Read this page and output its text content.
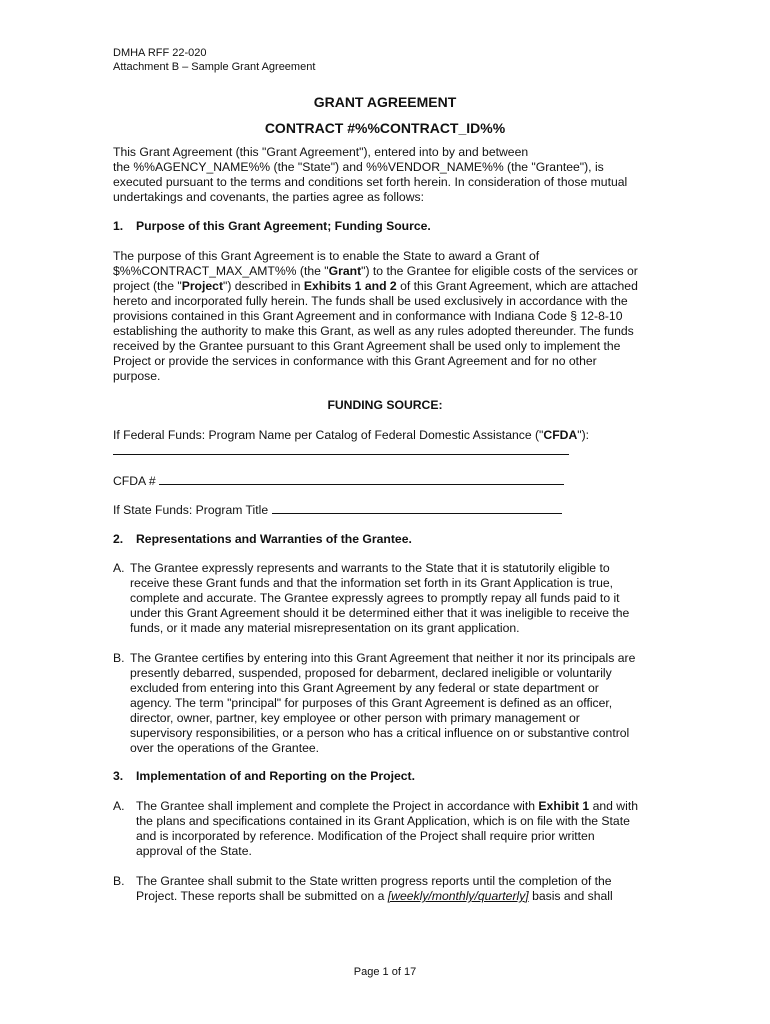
DMHA RFF 22-020
Attachment B – Sample Grant Agreement
GRANT AGREEMENT
CONTRACT #%%CONTRACT_ID%%
This Grant Agreement (this "Grant Agreement"), entered into by and between
the %%AGENCY_NAME%% (the "State") and %%VENDOR_NAME%% (the "Grantee"), is
executed pursuant to the terms and conditions set forth herein. In consideration of those mutual
undertakings and covenants, the parties agree as follows:
1. Purpose of this Grant Agreement; Funding Source.
The purpose of this Grant Agreement is to enable the State to award a Grant of
$%%CONTRACT_MAX_AMT%% (the "Grant") to the Grantee for eligible costs of the services or
project (the "Project") described in Exhibits 1 and 2 of this Grant Agreement, which are attached
hereto and incorporated fully herein. The funds shall be used exclusively in accordance with the
provisions contained in this Grant Agreement and in conformance with Indiana Code § 12-8-10
establishing the authority to make this Grant, as well as any rules adopted thereunder. The funds
received by the Grantee pursuant to this Grant Agreement shall be used only to implement the
Project or provide the services in conformance with this Grant Agreement and for no other
purpose.
FUNDING SOURCE:
If Federal Funds: Program Name per Catalog of Federal Domestic Assistance ("CFDA"):
CFDA #
If State Funds: Program Title
2. Representations and Warranties of the Grantee.
A. The Grantee expressly represents and warrants to the State that it is statutorily eligible to
receive these Grant funds and that the information set forth in its Grant Application is true,
complete and accurate. The Grantee expressly agrees to promptly repay all funds paid to it
under this Grant Agreement should it be determined either that it was ineligible to receive the
funds, or it made any material misrepresentation on its grant application.
B. The Grantee certifies by entering into this Grant Agreement that neither it nor its principals are
presently debarred, suspended, proposed for debarment, declared ineligible or voluntarily
excluded from entering into this Grant Agreement by any federal or state department or
agency. The term "principal" for purposes of this Grant Agreement is defined as an officer,
director, owner, partner, key employee or other person with primary management or
supervisory responsibilities, or a person who has a critical influence on or substantive control
over the operations of the Grantee.
3. Implementation of and Reporting on the Project.
A. The Grantee shall implement and complete the Project in accordance with Exhibit 1 and with
the plans and specifications contained in its Grant Application, which is on file with the State
and is incorporated by reference. Modification of the Project shall require prior written
approval of the State.
B. The Grantee shall submit to the State written progress reports until the completion of the
Project. These reports shall be submitted on a [weekly/monthly/quarterly] basis and shall
Page 1 of 17
